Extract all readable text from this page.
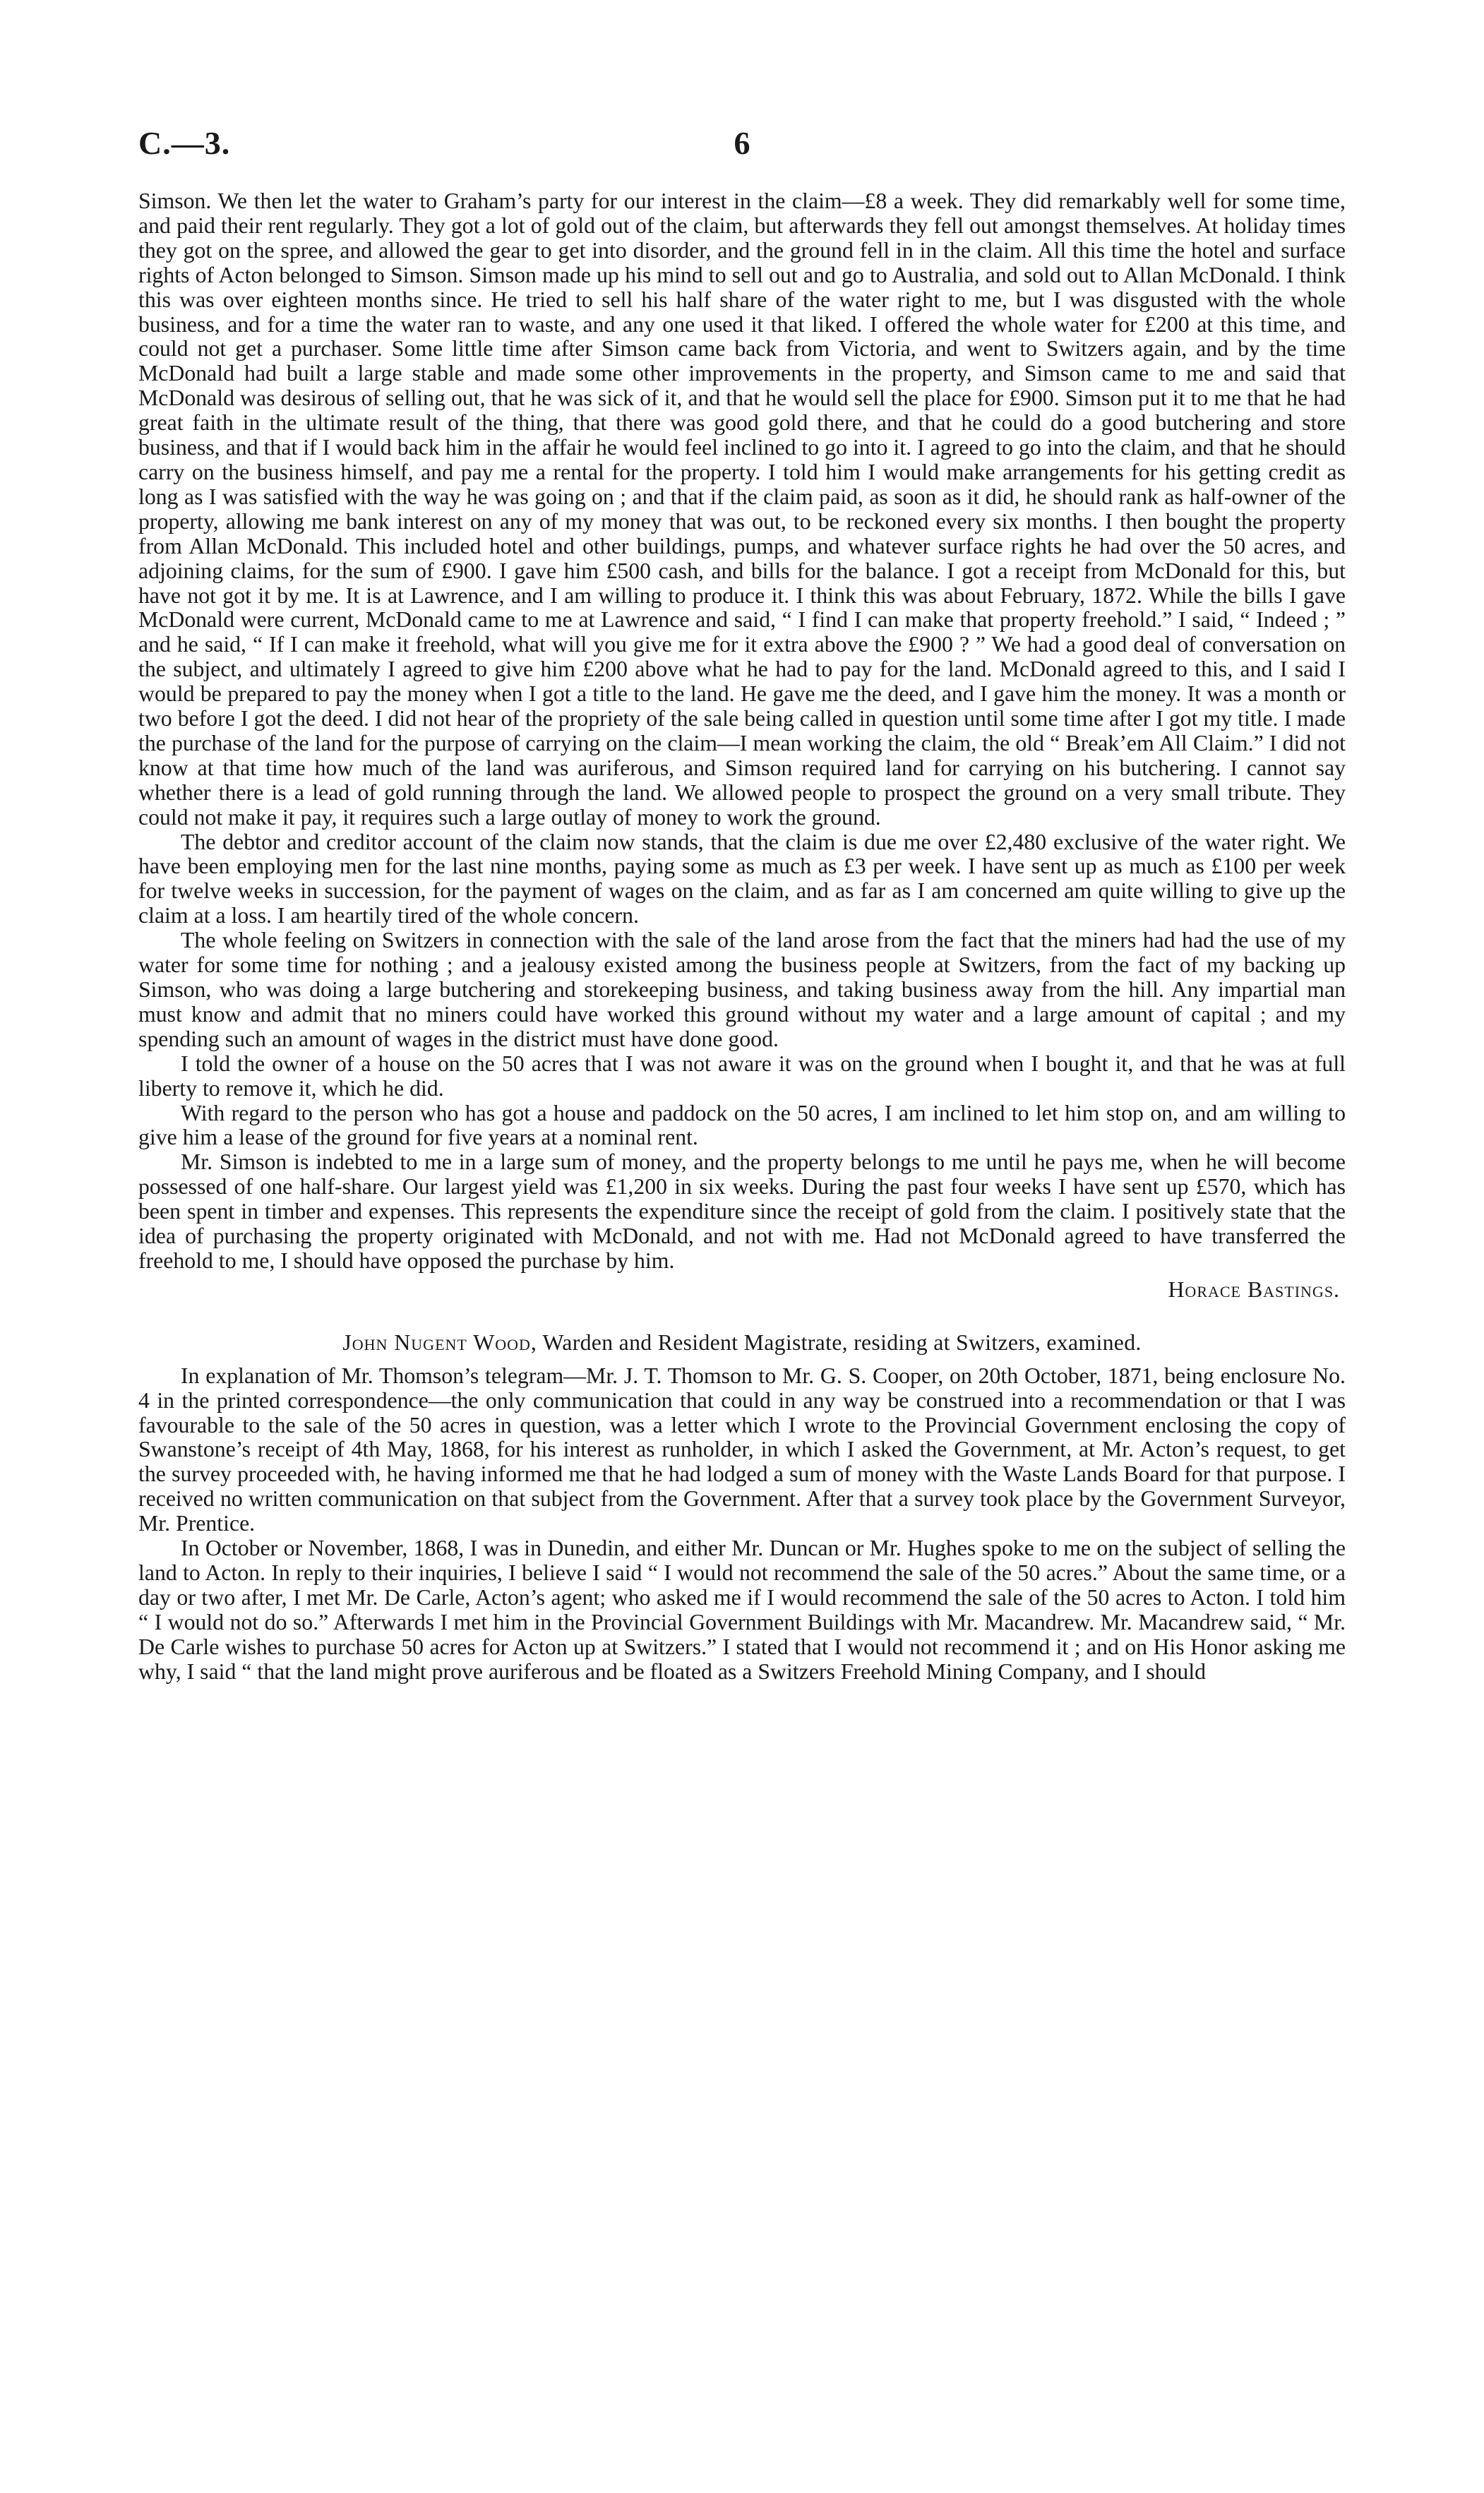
C.—3.	6

Simson. We then let the water to Graham’s party for our interest in the claim—£8 a week. They did remarkably well for some time, and paid their rent regularly. They got a lot of gold out of the claim, but afterwards they fell out amongst themselves. At holiday times they got on the spree, and allowed the gear to get into disorder, and the ground fell in in the claim. All this time the hotel and surface rights of Acton belonged to Simson. Simson made up his mind to sell out and go to Australia, and sold out to Allan McDonald. I think this was over eighteen months since. He tried to sell his half share of the water right to me, but I was disgusted with the whole business, and for a time the water ran to waste, and any one used it that liked. I offered the whole water for £200 at this time, and could not get a purchaser. Some little time after Simson came back from Victoria, and went to Switzers again, and by the time McDonald had built a large stable and made some other improvements in the property, and Simson came to me and said that McDonald was desirous of selling out, that he was sick of it, and that he would sell the place for £900. Simson put it to me that he had great faith in the ultimate result of the thing, that there was good gold there, and that he could do a good butchering and store business, and that if I would back him in the affair he would feel inclined to go into it. I agreed to go into the claim, and that he should carry on the business himself, and pay me a rental for the property. I told him I would make arrangements for his getting credit as long as I was satisfied with the way he was going on ; and that if the claim paid, as soon as it did, he should rank as half-owner of the property, allowing me bank interest on any of my money that was out, to be reckoned every six months. I then bought the property from Allan McDonald. This included hotel and other buildings, pumps, and whatever surface rights he had over the 50 acres, and adjoining claims, for the sum of £900. I gave him £500 cash, and bills for the balance. I got a receipt from McDonald for this, but have not got it by me. It is at Lawrence, and I am willing to produce it. I think this was about February, 1872. While the bills I gave McDonald were current, McDonald came to me at Lawrence and said, “ I find I can make that property freehold.” I said, “ Indeed ; ” and he said, “ If I can make it freehold, what will you give me for it extra above the £900 ? ” We had a good deal of conversation on the subject, and ultimately I agreed to give him £200 above what he had to pay for the land. McDonald agreed to this, and I said I would be prepared to pay the money when I got a title to the land. He gave me the deed, and I gave him the money. It was a month or two before I got the deed. I did not hear of the propriety of the sale being called in question until some time after I got my title. I made the purchase of the land for the purpose of carrying on the claim—I mean working the claim, the old “ Break’em All Claim.” I did not know at that time how much of the land was auriferous, and Simson required land for carrying on his butchering. I cannot say whether there is a lead of gold running through the land. We allowed people to prospect the ground on a very small tribute. They could not make it pay, it requires such a large outlay of money to work the ground.

The debtor and creditor account of the claim now stands, that the claim is due me over £2,480 exclusive of the water right. We have been employing men for the last nine months, paying some as much as £3 per week. I have sent up as much as £100 per week for twelve weeks in succession, for the payment of wages on the claim, and as far as I am concerned am quite willing to give up the claim at a loss. I am heartily tired of the whole concern.

The whole feeling on Switzers in connection with the sale of the land arose from the fact that the miners had had the use of my water for some time for nothing ; and a jealousy existed among the business people at Switzers, from the fact of my backing up Simson, who was doing a large butchering and storekeeping business, and taking business away from the hill. Any impartial man must know and admit that no miners could have worked this ground without my water and a large amount of capital ; and my spending such an amount of wages in the district must have done good.

I told the owner of a house on the 50 acres that I was not aware it was on the ground when I bought it, and that he was at full liberty to remove it, which he did.

With regard to the person who has got a house and paddock on the 50 acres, I am inclined to let him stop on, and am willing to give him a lease of the ground for five years at a nominal rent.

Mr. Simson is indebted to me in a large sum of money, and the property belongs to me until he pays me, when he will become possessed of one half-share. Our largest yield was £1,200 in six weeks. During the past four weeks I have sent up £570, which has been spent in timber and expenses. This represents the expenditure since the receipt of gold from the claim. I positively state that the idea of purchasing the property originated with McDonald, and not with me. Had not McDonald agreed to have transferred the freehold to me, I should have opposed the purchase by him.

Horace Bastings.
John Nugent Wood, Warden and Resident Magistrate, residing at Switzers, examined.

In explanation of Mr. Thomson’s telegram—Mr. J. T. Thomson to Mr. G. S. Cooper, on 20th October, 1871, being enclosure No. 4 in the printed correspondence—the only communication that could in any way be construed into a recommendation or that I was favourable to the sale of the 50 acres in question, was a letter which I wrote to the Provincial Government enclosing the copy of Swanstone’s receipt of 4th May, 1868, for his interest as runholder, in which I asked the Government, at Mr. Acton’s request, to get the survey proceeded with, he having informed me that he had lodged a sum of money with the Waste Lands Board for that purpose. I received no written communication on that subject from the Government. After that a survey took place by the Government Surveyor, Mr. Prentice.

In October or November, 1868, I was in Dunedin, and either Mr. Duncan or Mr. Hughes spoke to me on the subject of selling the land to Acton. In reply to their inquiries, I believe I said “ I would not recommend the sale of the 50 acres.” About the same time, or a day or two after, I met Mr. De Carle, Acton’s agent; who asked me if I would recommend the sale of the 50 acres to Acton. I told him “ I would not do so.” Afterwards I met him in the Provincial Government Buildings with Mr. Macandrew. Mr. Macandrew said, “ Mr. De Carle wishes to purchase 50 acres for Acton up at Switzers.” I stated that I would not recommend it ; and on His Honor asking me why, I said “ that the land might prove auriferous and be floated as a Switzers Freehold Mining Company, and I should
